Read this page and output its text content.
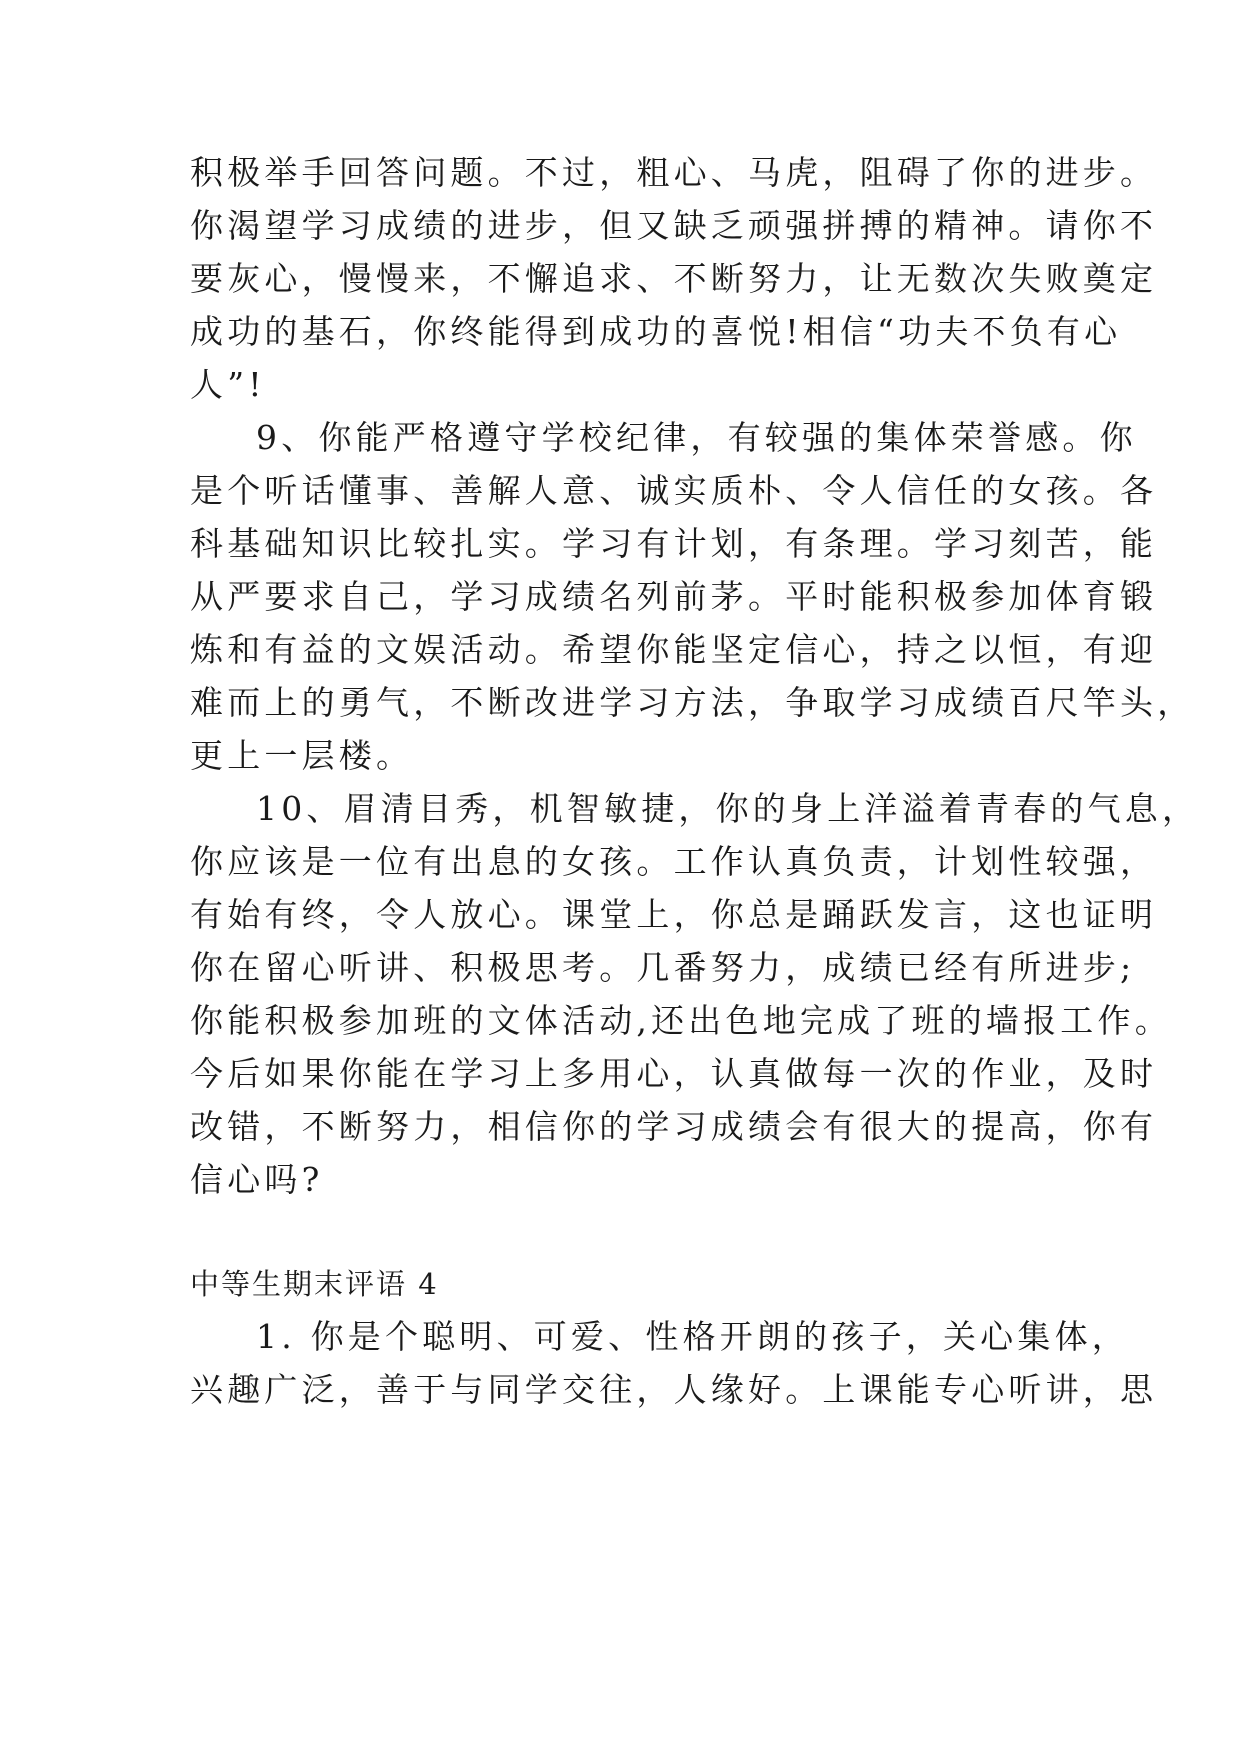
积极举手回答问题。不过，粗心、马虎，阻碍了你的进步。
你渴望学习成绩的进步，但又缺乏顽强拼搏的精神。请你不
要灰心，慢慢来，不懈追求、不断努力，让无数次失败奠定
成功的基石，你终能得到成功的喜悦!相信“功夫不负有心
人”!
9、你能严格遵守学校纪律，有较强的集体荣誉感。你
是个听话懂事、善解人意、诚实质朴、令人信任的女孩。各
科基础知识比较扎实。学习有计划，有条理。学习刻苦，能
从严要求自己，学习成绩名列前茅。平时能积极参加体育锻
炼和有益的文娱活动。希望你能坚定信心，持之以恒，有迎
难而上的勇气，不断改进学习方法，争取学习成绩百尺竿头，
更上一层楼。
10、眉清目秀，机智敏捷，你的身上洋溢着青春的气息，
你应该是一位有出息的女孩。工作认真负责，计划性较强，
有始有终，令人放心。课堂上，你总是踊跃发言，这也证明
你在留心听讲、积极思考。几番努力，成绩已经有所进步;
你能积极参加班的文体活动,还出色地完成了班的墙报工作。
今后如果你能在学习上多用心，认真做每一次的作业，及时
改错，不断努力，相信你的学习成绩会有很大的提高，你有
信心吗?
中等生期末评语 4
1. 你是个聪明、可爱、性格开朗的孩子，关心集体，
兴趣广泛，善于与同学交往，人缘好。上课能专心听讲，思
